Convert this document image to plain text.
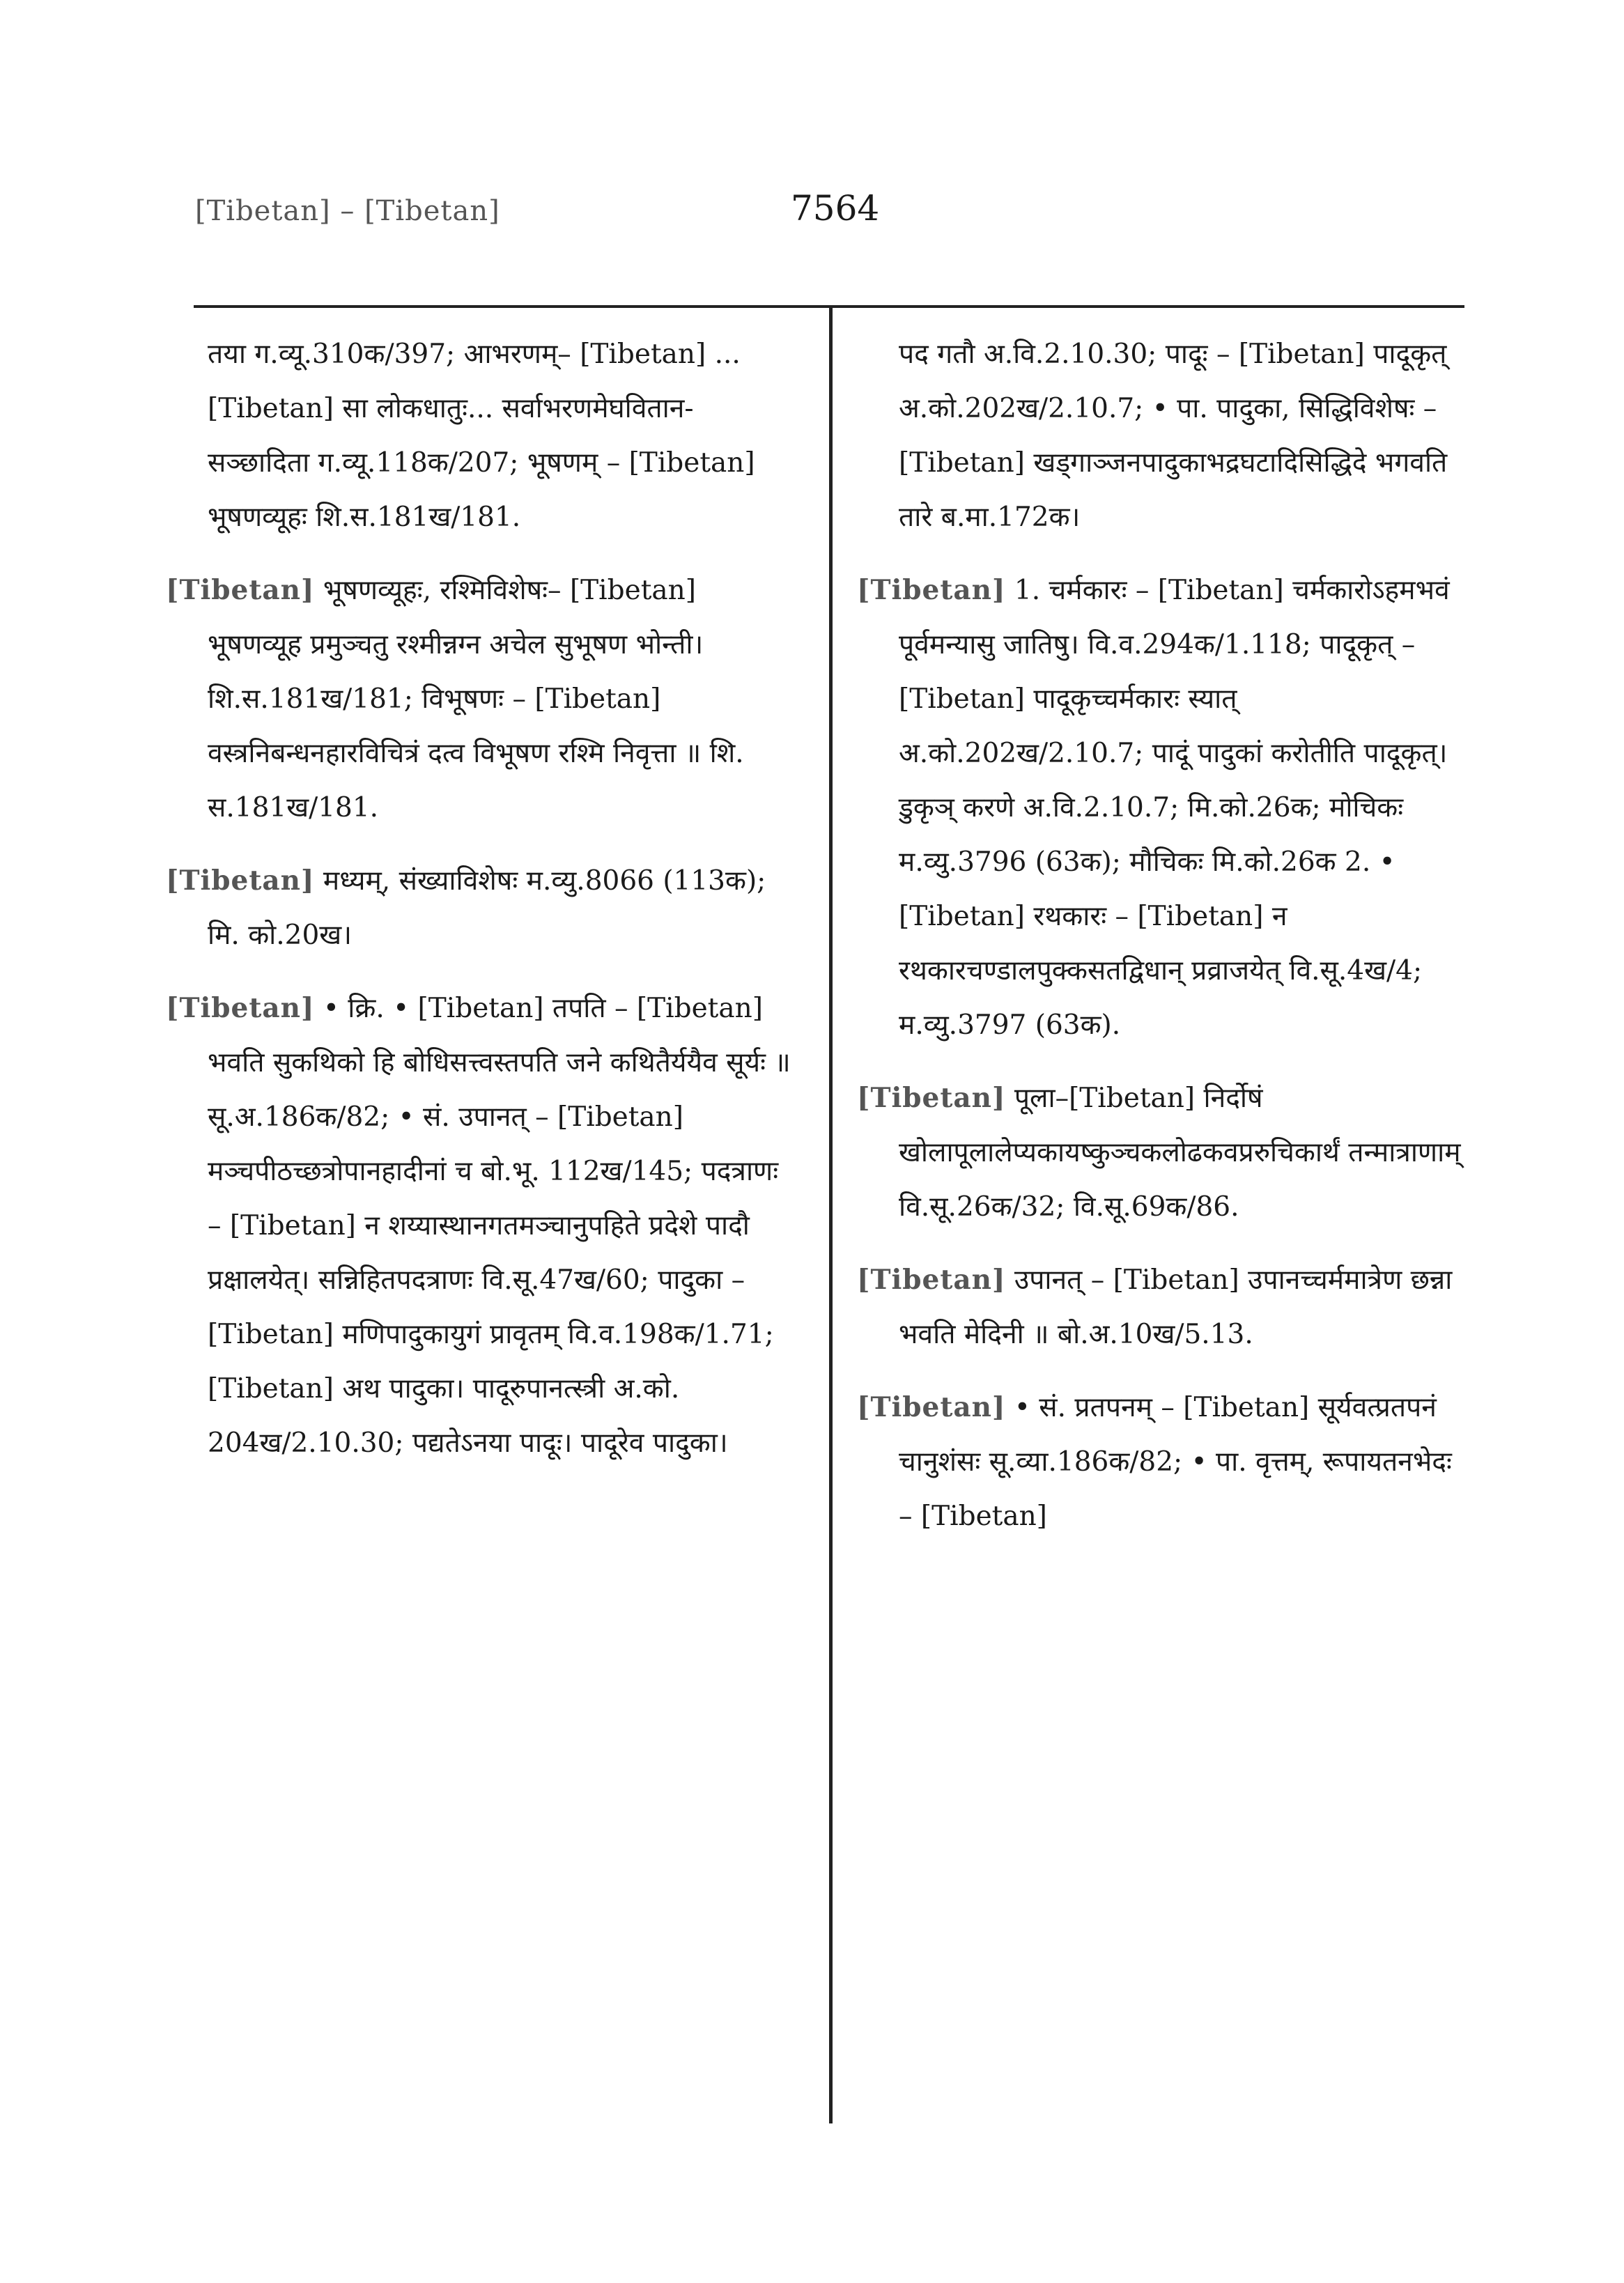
[Tibetan] – [Tibetan]	7564

तया ग.व्यू.310क/397; आभरणम्– [Tibetan] ... [Tibetan] सा लोकधातुः... सर्वाभरणमेघवितान- सञ्छादिता ग.व्यू.118क/207; भूषणम् – [Tibetan] भूषणव्यूहः शि.स.181ख/181.

[Tibetan] भूषणव्यूहः, रश्मिविशेषः– [Tibetan] भूषणव्यूह प्रमुञ्चतु रश्मीन्नग्न अचेल सुभूषण भोन्ती। शि.स.181ख/181; विभूषणः – [Tibetan] वस्त्रनिबन्धनहारविचित्रं दत्व विभूषण रश्मि निवृत्ता ॥ शि. स.181ख/181.

[Tibetan] मध्यम्, संख्याविशेषः म.व्यु.8066 (113क); मि. को.20ख।

[Tibetan] • क्रि. • [Tibetan] तपति – [Tibetan] भवति सुकथिको हि बोधिसत्त्वस्तपति जने कथितैर्ययैव सूर्यः ॥ सू.अ.186क/82; • सं. उपानत् – [Tibetan] मञ्चपीठच्छत्रोपानहादीनां च बो.भू. 112ख/145; पदत्राणः – [Tibetan] न शय्यास्थानगतमञ्चानुपहिते प्रदेशे पादौ प्रक्षालयेत्। सन्निहितपदत्राणः वि.सू.47ख/60; पादुका – [Tibetan] मणिपादुकायुगं प्रावृतम् वि.व.198क/1.71; [Tibetan] अथ पादुका। पादूरुपानत्स्त्री अ.को. 204ख/2.10.30; पद्यतेऽनया पादूः। पादूरेव पादुका।

पद गतौ अ.वि.2.10.30; पादूः – [Tibetan] पादूकृत् अ.को.202ख/2.10.7; • पा. पादुका, सिद्धिविशेषः – [Tibetan] खड्गाञ्जनपादुकाभद्रघटादिसिद्धिदे भगवति तारे ब.मा.172क।

[Tibetan] 1. चर्मकारः – [Tibetan] चर्मकारोऽहमभवं पूर्वमन्यासु जातिषु। वि.व.294क/1.118; पादूकृत् – [Tibetan] पादूकृच्चर्मकारः स्यात् अ.को.202ख/2.10.7; पादूं पादुकां करोतीति पादूकृत्। डुकृञ् करणे अ.वि.2.10.7; मि.को.26क; मोचिकः म.व्यु.3796 (63क); मौचिकः मि.को.26क 2. • [Tibetan] रथकारः – [Tibetan] न रथकारचण्डालपुक्कसतद्विधान् प्रव्राजयेत् वि.सू.4ख/4; म.व्यु.3797 (63क).

[Tibetan] पूला–[Tibetan] निर्दोषं खोलापूलालेप्यकायष्कुञ्चकलोढकवप्ररुचिकार्थं तन्मात्राणाम् वि.सू.26क/32; वि.सू.69क/86.

[Tibetan] उपानत् – [Tibetan] उपानच्चर्ममात्रेण छन्ना भवति मेदिनी ॥ बो.अ.10ख/5.13.

[Tibetan] • सं. प्रतपनम् – [Tibetan] सूर्यवत्प्रतपनं चानुशंसः सू.व्या.186क/82; • पा. वृत्तम्, रूपायतनभेदः – [Tibetan]
